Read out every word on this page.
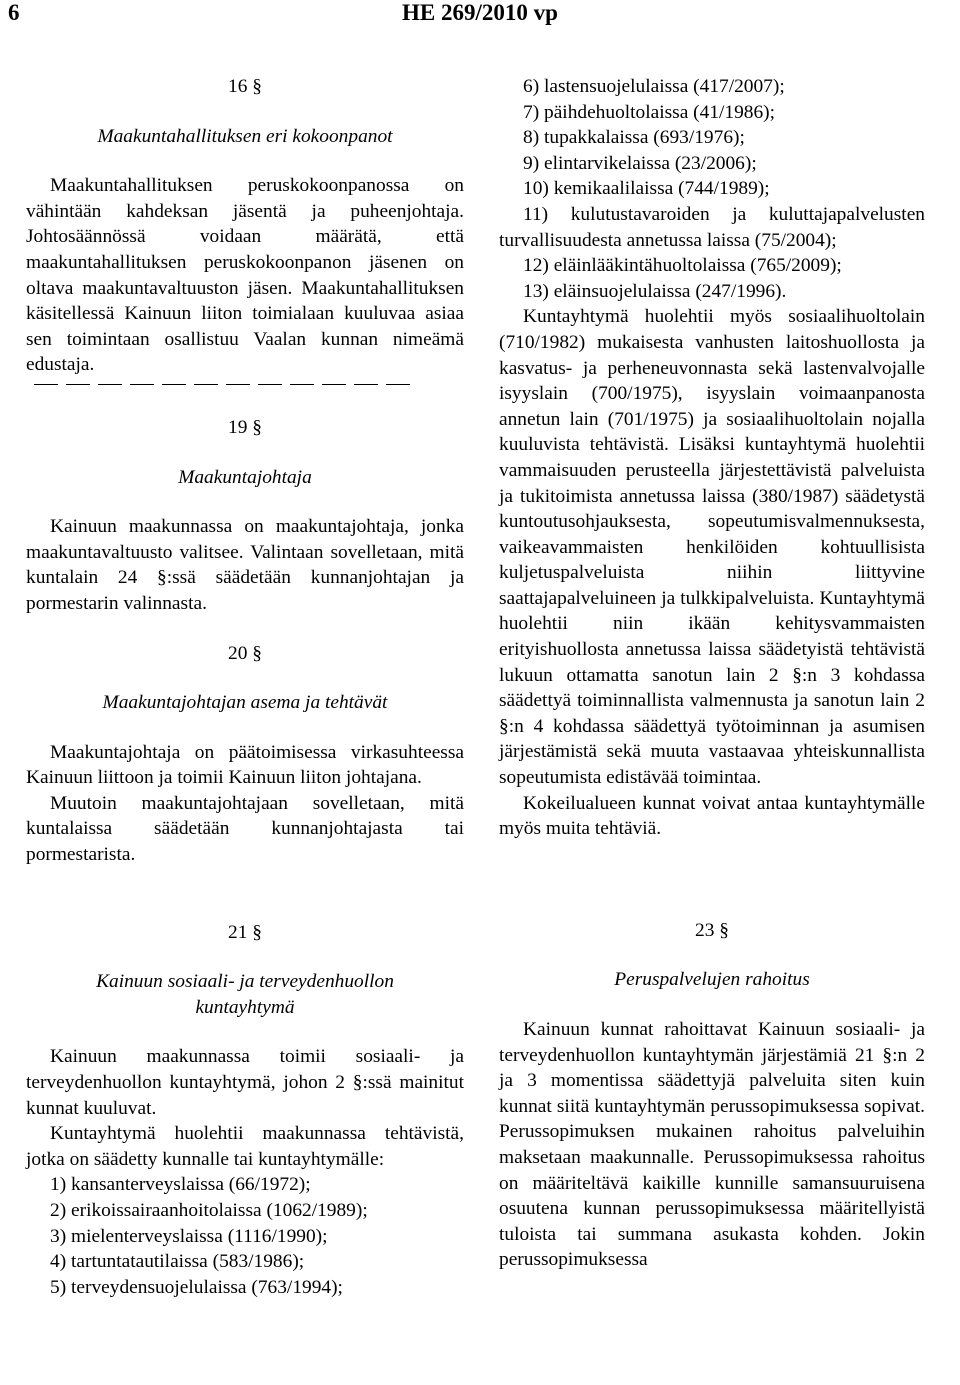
6	HE 269/2010 vp
16 §

Maakuntahallituksen eri kokoonpanot

Maakuntahallituksen peruskokoonpanossa on vähintään kahdeksan jäsentä ja puheenjohtaja. Johtosäännössä voidaan määrätä, että maakuntahallituksen peruskokoonpanon jäsenen on oltava maakuntavaltuuston jäsen. Maakuntahallituksen käsitellessä Kainuun liiton toimialaan kuuluvaa asiaa sen toimintaan osallistuu Vaalan kunnan nimeämä edustaja.

19 §

Maakuntajohtaja

Kainuun maakunnassa on maakuntajohtaja, jonka maakuntavaltuusto valitsee. Valintaan sovelletaan, mitä kuntalain 24 §:ssä säädetään kunnanjohtajan ja pormestarin valinnasta.

20 §

Maakuntajohtajan asema ja tehtävät

Maakuntajohtaja on päätoimisessa virkasuhteessa Kainuun liittoon ja toimii Kainuun liiton johtajana.

Muutoin maakuntajohtajaan sovelletaan, mitä kuntalaissa säädetään kunnanjohtajasta tai pormestarista.

21 §

Kainuun sosiaali- ja terveydenhuollon kuntayhtymä

Kainuun maakunnassa toimii sosiaali- ja terveydenhuollon kuntayhtymä, johon 2 §:ssä mainitut kunnat kuuluvat.

Kuntayhtymä huolehtii maakunnassa tehtävistä, jotka on säädetty kunnalle tai kuntayhtymälle:

1) kansanterveyslaissa (66/1972);

2) erikoissairaanhoitolaissa (1062/1989);

3) mielenterveyslaissa (1116/1990);

4) tartuntatautilaissa (583/1986);

5) terveydensuojelulaissa (763/1994);

6) lastensuojelulaissa (417/2007);

7) päihdehuoltolaissa (41/1986);

8) tupakkalaissa (693/1976);

9) elintarvikelaissa (23/2006);

10) kemikaalilaissa (744/1989);

11) kulutustavaroiden ja kuluttajapalvelusten turvallisuudesta annetussa laissa (75/2004);

12) eläinlääkintähuoltolaissa (765/2009);

13) eläinsuojelulaissa (247/1996).

Kuntayhtymä huolehtii myös sosiaalihuoltolain (710/1982) mukaisesta vanhusten laitoshuollosta ja kasvatus- ja perheneuvonnasta sekä lastenvalvojalle isyyslain (700/1975), isyyslain voimaanpanosta annetun lain (701/1975) ja sosiaalihuoltolain nojalla kuuluvista tehtävistä. Lisäksi kuntayhtymä huolehtii vammaisuuden perusteella järjestettävistä palveluista ja tukitoimista annetussa laissa (380/1987) säädetystä kuntoutusohjauksesta, sopeutumisvalmennuksesta, vaikeavammaisten henkilöiden kohtuullisista kuljetuspalveluista niihin liittyvine saattajapalveluineen ja tulkkipalveluista. Kuntayhtymä huolehtii niin ikään kehitysvammaisten erityishuollosta annetussa laissa säädetyistä tehtävistä lukuun ottamatta sanotun lain 2 §:n 3 kohdassa säädettyä toiminnallista valmennusta ja sanotun lain 2 §:n 4 kohdassa säädettyä työtoiminnan ja asumisen järjestämistä sekä muuta vastaavaa yhteiskunnallista sopeutumista edistävää toimintaa.

Kokeilualueen kunnat voivat antaa kuntayhtymälle myös muita tehtäviä.

23 §

Peruspalvelujen rahoitus

Kainuun kunnat rahoittavat Kainuun sosiaali- ja terveydenhuollon kuntayhtymän järjestämiä 21 §:n 2 ja 3 momentissa säädettyjä palveluita siten kuin kunnat siitä kuntayhtymän perussopimuksessa sopivat. Perussopimuksen mukainen rahoitus palveluihin maksetaan maakunnalle. Perussopimuksessa rahoitus on määriteltävä kaikille kunnille samansuuruisena osuutena kunnan perussopimuksessa määritellyistä tuloista tai summana asukasta kohden. Jokin perussopimuksessa
